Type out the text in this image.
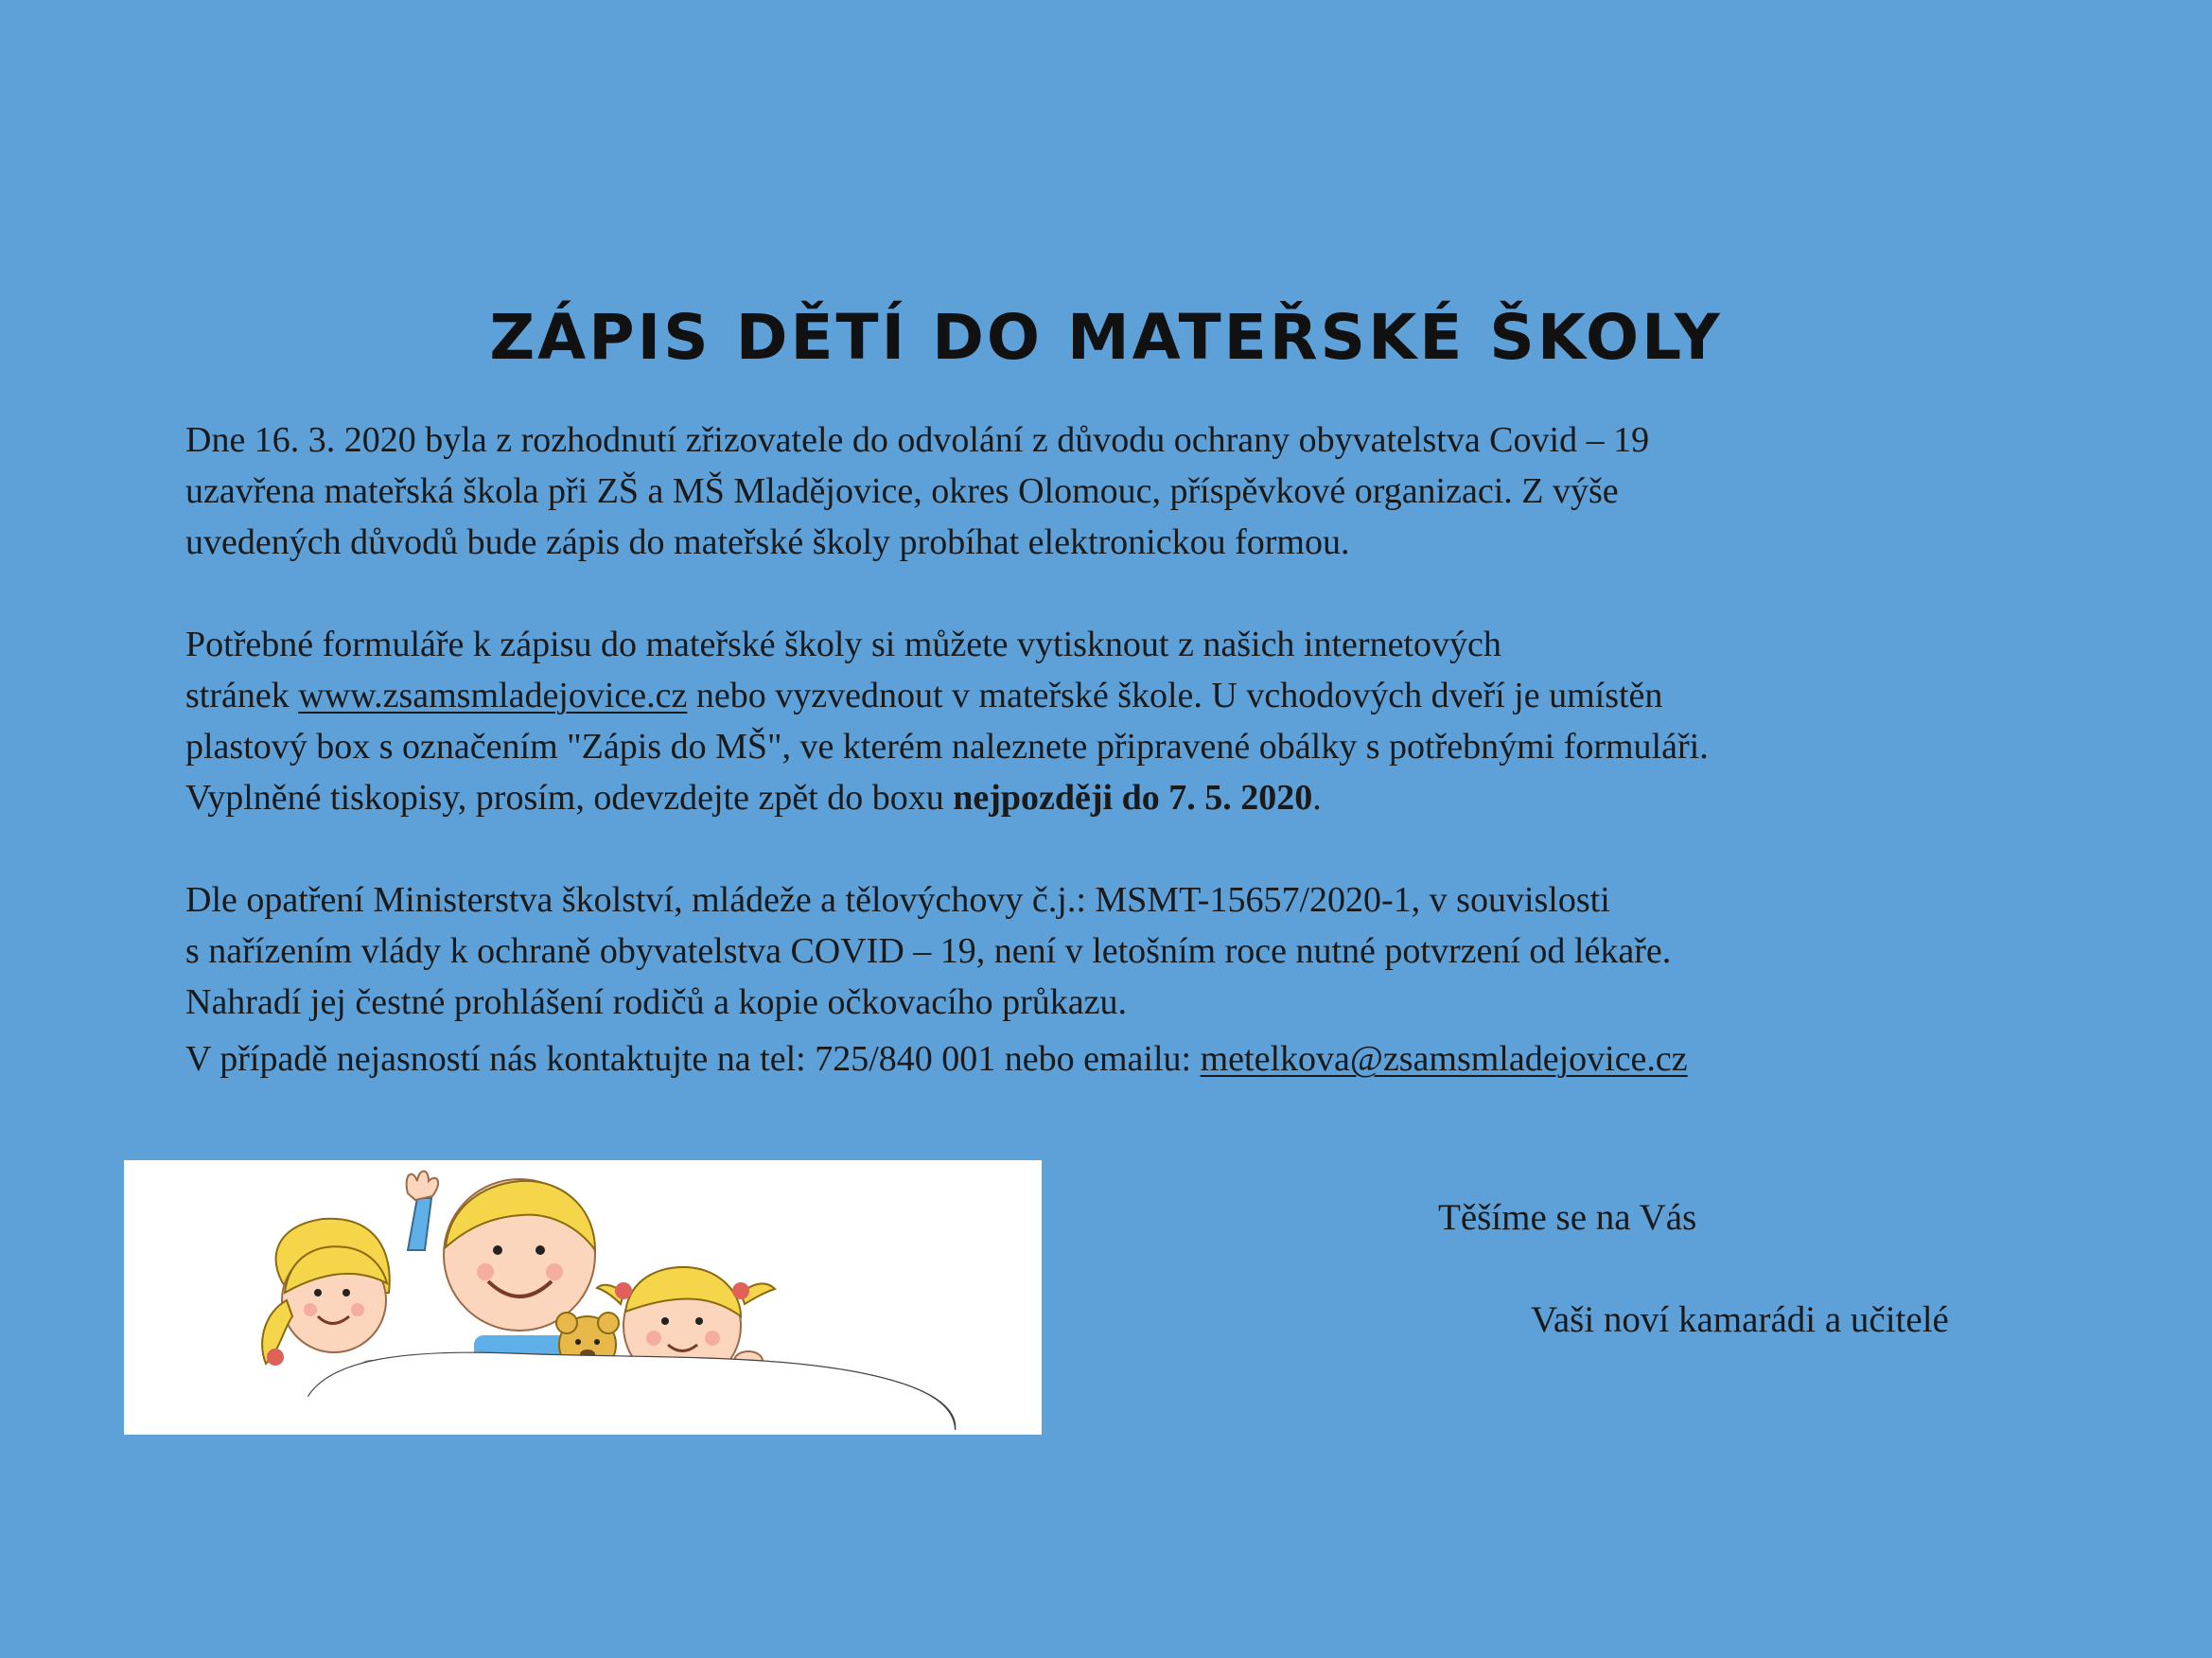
ZÁPIS DĚTÍ DO MATEŘSKÉ ŠKOLY
Dne 16. 3. 2020 byla z rozhodnutí zřizovatele do odvolání z důvodu ochrany obyvatelstva Covid – 19
uzavřena mateřská škola při ZŠ a MŠ Mladějovice, okres Olomouc, příspěvkové organizaci. Z výše
uvedených důvodů bude zápis do mateřské školy probíhat elektronickou formou.
Potřebné formuláře k zápisu do mateřské školy si můžete vytisknout z našich internetových
stránek www.zsamsmladejovice.cz nebo vyzvednout v mateřské škole. U vchodových dveří je umístěn
plastový box s označením "Zápis do MŠ", ve kterém naleznete připravené obálky s potřebnými formuláři.
Vyplněné tiskopisy, prosím, odevzdejte zpět do boxu nejpozději do 7. 5. 2020.
Dle opatření Ministerstva školství, mládeže a tělovýchovy č.j.: MSMT-15657/2020-1, v souvislosti
s nařízením vlády k ochraně obyvatelstva COVID – 19, není v letošním roce nutné potvrzení od lékaře.
Nahradí jej čestné prohlášení rodičů a kopie očkovacího průkazu.
V případě nejasností nás kontaktujte na tel: 725/840 001 nebo emailu: metelkova@zsamsmladejovice.cz
Těšíme se na Vás
Vaši noví kamarádi a učitelé
